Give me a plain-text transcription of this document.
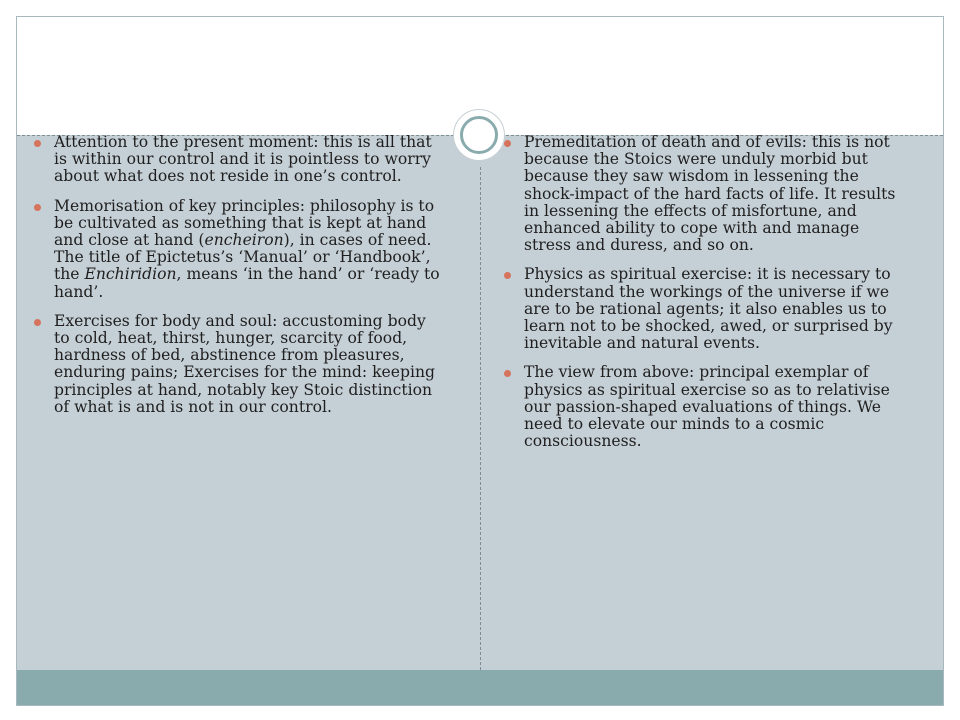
Attention to the present moment: this is all that is within our control and it is pointless to worry about what does not reside in one’s control.
Memorisation of key principles: philosophy is to be cultivated as something that is kept at hand and close at hand (encheiron), in cases of need. The title of Epictetus’s ‘Manual’ or ‘Handbook’, the Enchiridion, means ‘in the hand’ or ‘ready to hand’.
Exercises for body and soul: accustoming body to cold, heat, thirst, hunger, scarcity of food, hardness of bed, abstinence from pleasures, enduring pains; Exercises for the mind: keeping principles at hand, notably key Stoic distinction of what is and is not in our control.
Premeditation of death and of evils: this is not because the Stoics were unduly morbid but because they saw wisdom in lessening the shock-impact of the hard facts of life. It results in lessening the effects of misfortune, and enhanced ability to cope with and manage stress and duress, and so on.
Physics as spiritual exercise: it is necessary to understand the workings of the universe if we are to be rational agents; it also enables us to learn not to be shocked, awed, or surprised by inevitable and natural events.
The view from above: principal exemplar of physics as spiritual exercise so as to relativise our passion-shaped evaluations of things. We need to elevate our minds to a cosmic consciousness.
